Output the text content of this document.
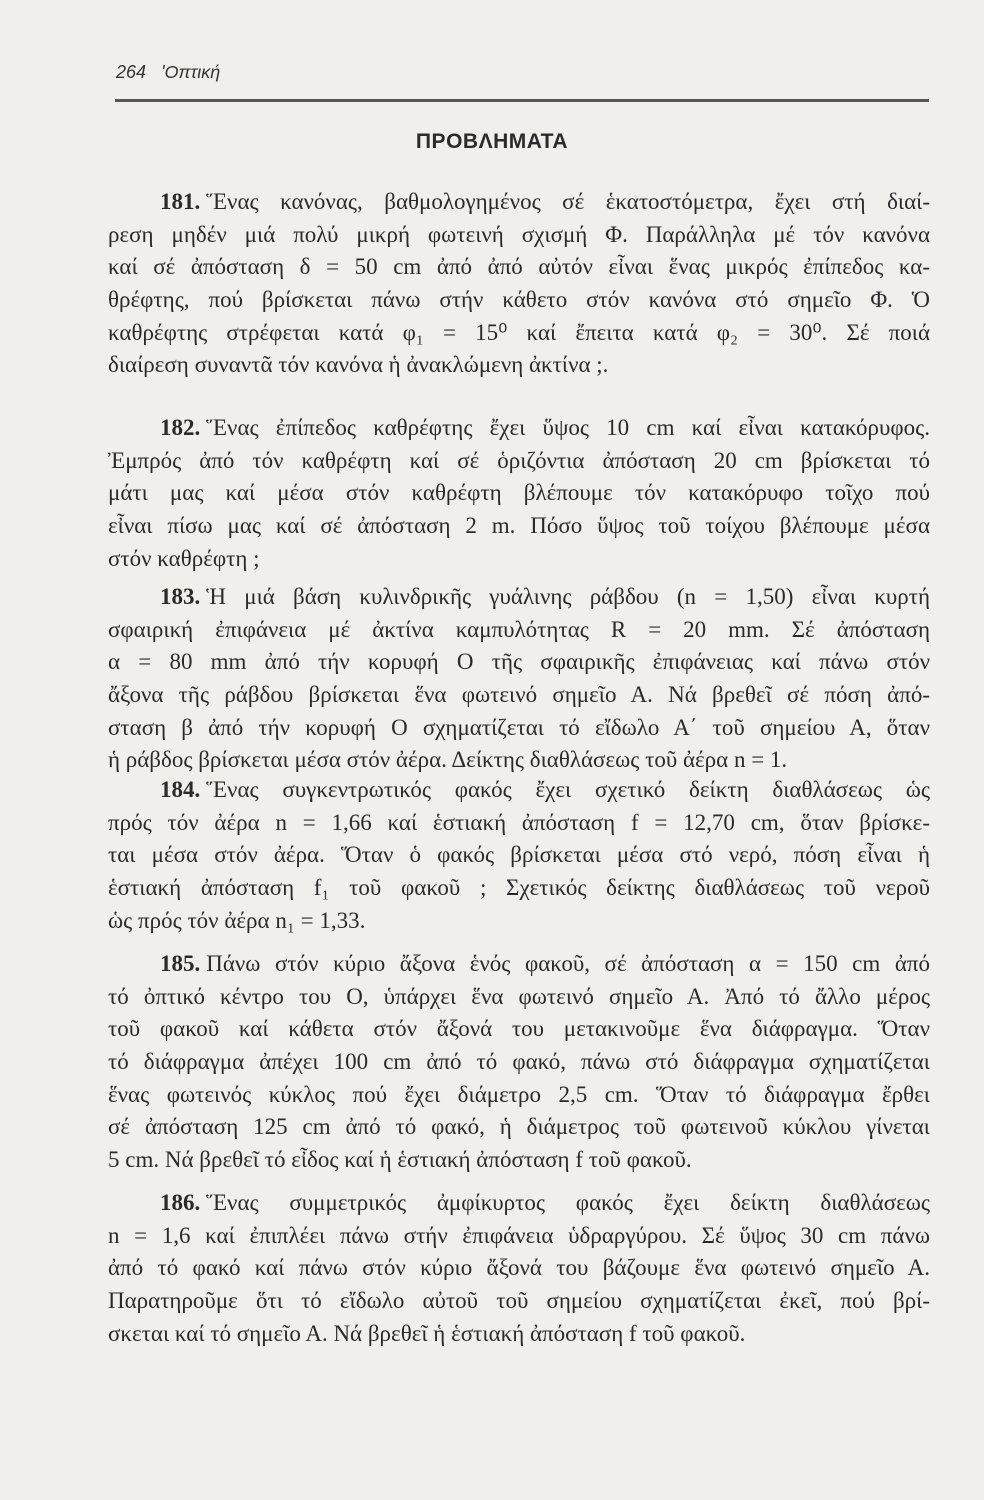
264 'Οπτική
ΠΡΟΒΛΗΜΑΤΑ
181. Ἕνας κανόνας, βαθμολογημένος σέ ἑκατοστόμετρα, ἔχει στή διαί-
ρεση μηδέν μιά πολύ μικρή φωτεινή σχισμή Φ. Παράλληλα μέ τόν κανόνα
καί σέ ἀπόσταση δ = 50 cm ἀπό ἀπό αὐτόν εἶναι ἕνας μικρός ἐπίπεδος κα-
θρέφτης, πού βρίσκεται πάνω στήν κάθετο στόν κανόνα στό σημεῖο Φ. Ὁ
καθρέφτης στρέφεται κατά φ₁ = 15⁰ καί ἔπειτα κατά φ₂ = 30⁰. Σέ ποιά
διαίρεση συναντᾶ τόν κανόνα ἡ ἀνακλώμενη ἀκτίνα ;.
182. Ἕνας ἐπίπεδος καθρέφτης ἔχει ὕψος 10 cm καί εἶναι κατακόρυφος.
Ἐμπρός ἀπό τόν καθρέφτη καί σέ ὁριζόντια ἀπόσταση 20 cm βρίσκεται τό
μάτι μας καί μέσα στόν καθρέφτη βλέπουμε τόν κατακόρυφο τοῖχο πού
εἶναι πίσω μας καί σέ ἀπόσταση 2 m. Πόσο ὕψος τοῦ τοίχου βλέπουμε μέσα
στόν καθρέφτη ;
183. Ἡ μιά βάση κυλινδρικῆς γυάλινης ράβδου (n = 1,50) εἶναι κυρτή
σφαιρική ἐπιφάνεια μέ ἀκτίνα καμπυλότητας R = 20 mm. Σέ ἀπόσταση
α = 80 mm ἀπό τήν κορυφή Ο τῆς σφαιρικῆς ἐπιφάνειας καί πάνω στόν
ἄξονα τῆς ράβδου βρίσκεται ἕνα φωτεινό σημεῖο Α. Νά βρεθεῖ σέ πόση ἀπό-
σταση β ἀπό τήν κορυφή Ο σχηματίζεται τό εἴδωλο Α΄ τοῦ σημείου Α, ὅταν
ἡ ράβδος βρίσκεται μέσα στόν ἀέρα. Δείκτης διαθλάσεως τοῦ ἀέρα n = 1.
184. Ἕνας συγκεντρωτικός φακός ἔχει σχετικό δείκτη διαθλάσεως ὡς
πρός τόν ἀέρα n = 1,66 καί ἑστιακή ἀπόσταση f = 12,70 cm, ὅταν βρίσκε-
ται μέσα στόν ἀέρα. Ὅταν ὁ φακός βρίσκεται μέσα στό νερό, πόση εἶναι ἡ
ἑστιακή ἀπόσταση f₁ τοῦ φακοῦ ; Σχετικός δείκτης διαθλάσεως τοῦ νεροῦ
ὡς πρός τόν ἀέρα n₁ = 1,33.
185. Πάνω στόν κύριο ἄξονα ἑνός φακοῦ, σέ ἀπόσταση α = 150 cm ἀπό
τό ὀπτικό κέντρο του Ο, ὑπάρχει ἕνα φωτεινό σημεῖο Α. Ἀπό τό ἄλλο μέρος
τοῦ φακοῦ καί κάθετα στόν ἄξονά του μετακινοῦμε ἕνα διάφραγμα. Ὅταν
τό διάφραγμα ἀπέχει 100 cm ἀπό τό φακό, πάνω στό διάφραγμα σχηματίζεται
ἕνας φωτεινός κύκλος πού ἔχει διάμετρο 2,5 cm. Ὅταν τό διάφραγμα ἔρθει
σέ ἀπόσταση 125 cm ἀπό τό φακό, ἡ διάμετρος τοῦ φωτεινοῦ κύκλου γίνεται
5 cm. Νά βρεθεῖ τό εἶδος καί ἡ ἑστιακή ἀπόσταση f τοῦ φακοῦ.
186. Ἕνας συμμετρικός ἀμφίκυρτος φακός ἔχει δείκτη διαθλάσεως
n = 1,6 καί ἐπιπλέει πάνω στήν ἐπιφάνεια ὑδραργύρου. Σέ ὕψος 30 cm πάνω
ἀπό τό φακό καί πάνω στόν κύριο ἄξονά του βάζουμε ἕνα φωτεινό σημεῖο Α.
Παρατηροῦμε ὅτι τό εἴδωλο αὐτοῦ τοῦ σημείου σχηματίζεται ἐκεῖ, πού βρί-
σκεται καί τό σημεῖο Α. Νά βρεθεῖ ἡ ἑστιακή ἀπόσταση f τοῦ φακοῦ.
